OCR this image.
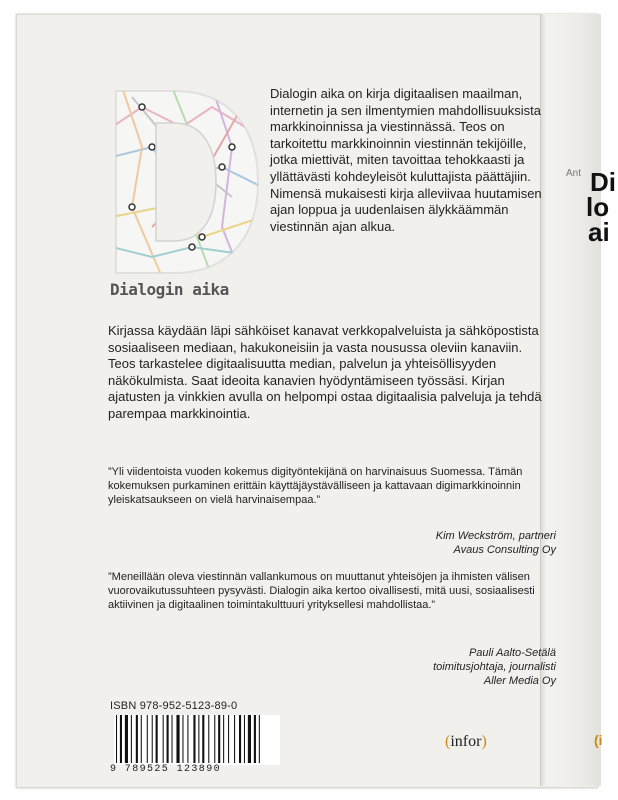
Ant Di
lo
ai
(i
Dialogin aika
Dialogin aika on kirja digitaalisen maailman, internetin ja sen ilmentymien mahdollisuuksista markkinoinnissa ja viestinnässä. Teos on tarkoitettu markkinoinnin viestinnän tekijöille, jotka miettivät, miten tavoittaa tehokkaasti ja yllättävästi kohdeyleisöt kuluttajista päättäjiin. Nimensä mukaisesti kirja alleviivaa huutamisen ajan loppua ja uudenlaisen älykkäämmän viestinnän ajan alkua.
Kirjassa käydään läpi sähköiset kanavat verkkopalveluista ja sähköpostista sosiaaliseen mediaan, hakukoneisiin ja vasta nousussa oleviin kanaviin. Teos tarkastelee digitaalisuutta median, palvelun ja yhteisöllisyyden näkökulmista. Saat ideoita kanavien hyödyntämiseen työssäsi. Kirjan ajatusten ja vinkkien avulla on helpompi ostaa digitaalisia palveluja ja tehdä parempaa markkinointia.
”Yli viidentoista vuoden kokemus digityöntekijänä on harvinaisuus Suomessa. Tämän kokemuksen purkaminen erittäin käyttäjäystävälliseen ja kattavaan digimarkkinoinnin yleiskatsaukseen on vielä harvinaisempaa.”
Kim Weckström, partneri
Avaus Consulting Oy
”Meneillään oleva viestinnän vallankumous on muuttanut yhteisöjen ja ihmisten välisen vuorovaikutussuhteen pysyvästi. Dialogin aika kertoo oivallisesti, mitä uusi, sosiaalisesti aktiivinen ja digitaalinen toimintakulttuuri yrityksellesi mahdollistaa.”
Pauli Aalto-Setälä
toimitusjohtaja, journalisti
Aller Media Oy
ISBN 978-952-5123-89-0
9 789525 123890
(infor)
